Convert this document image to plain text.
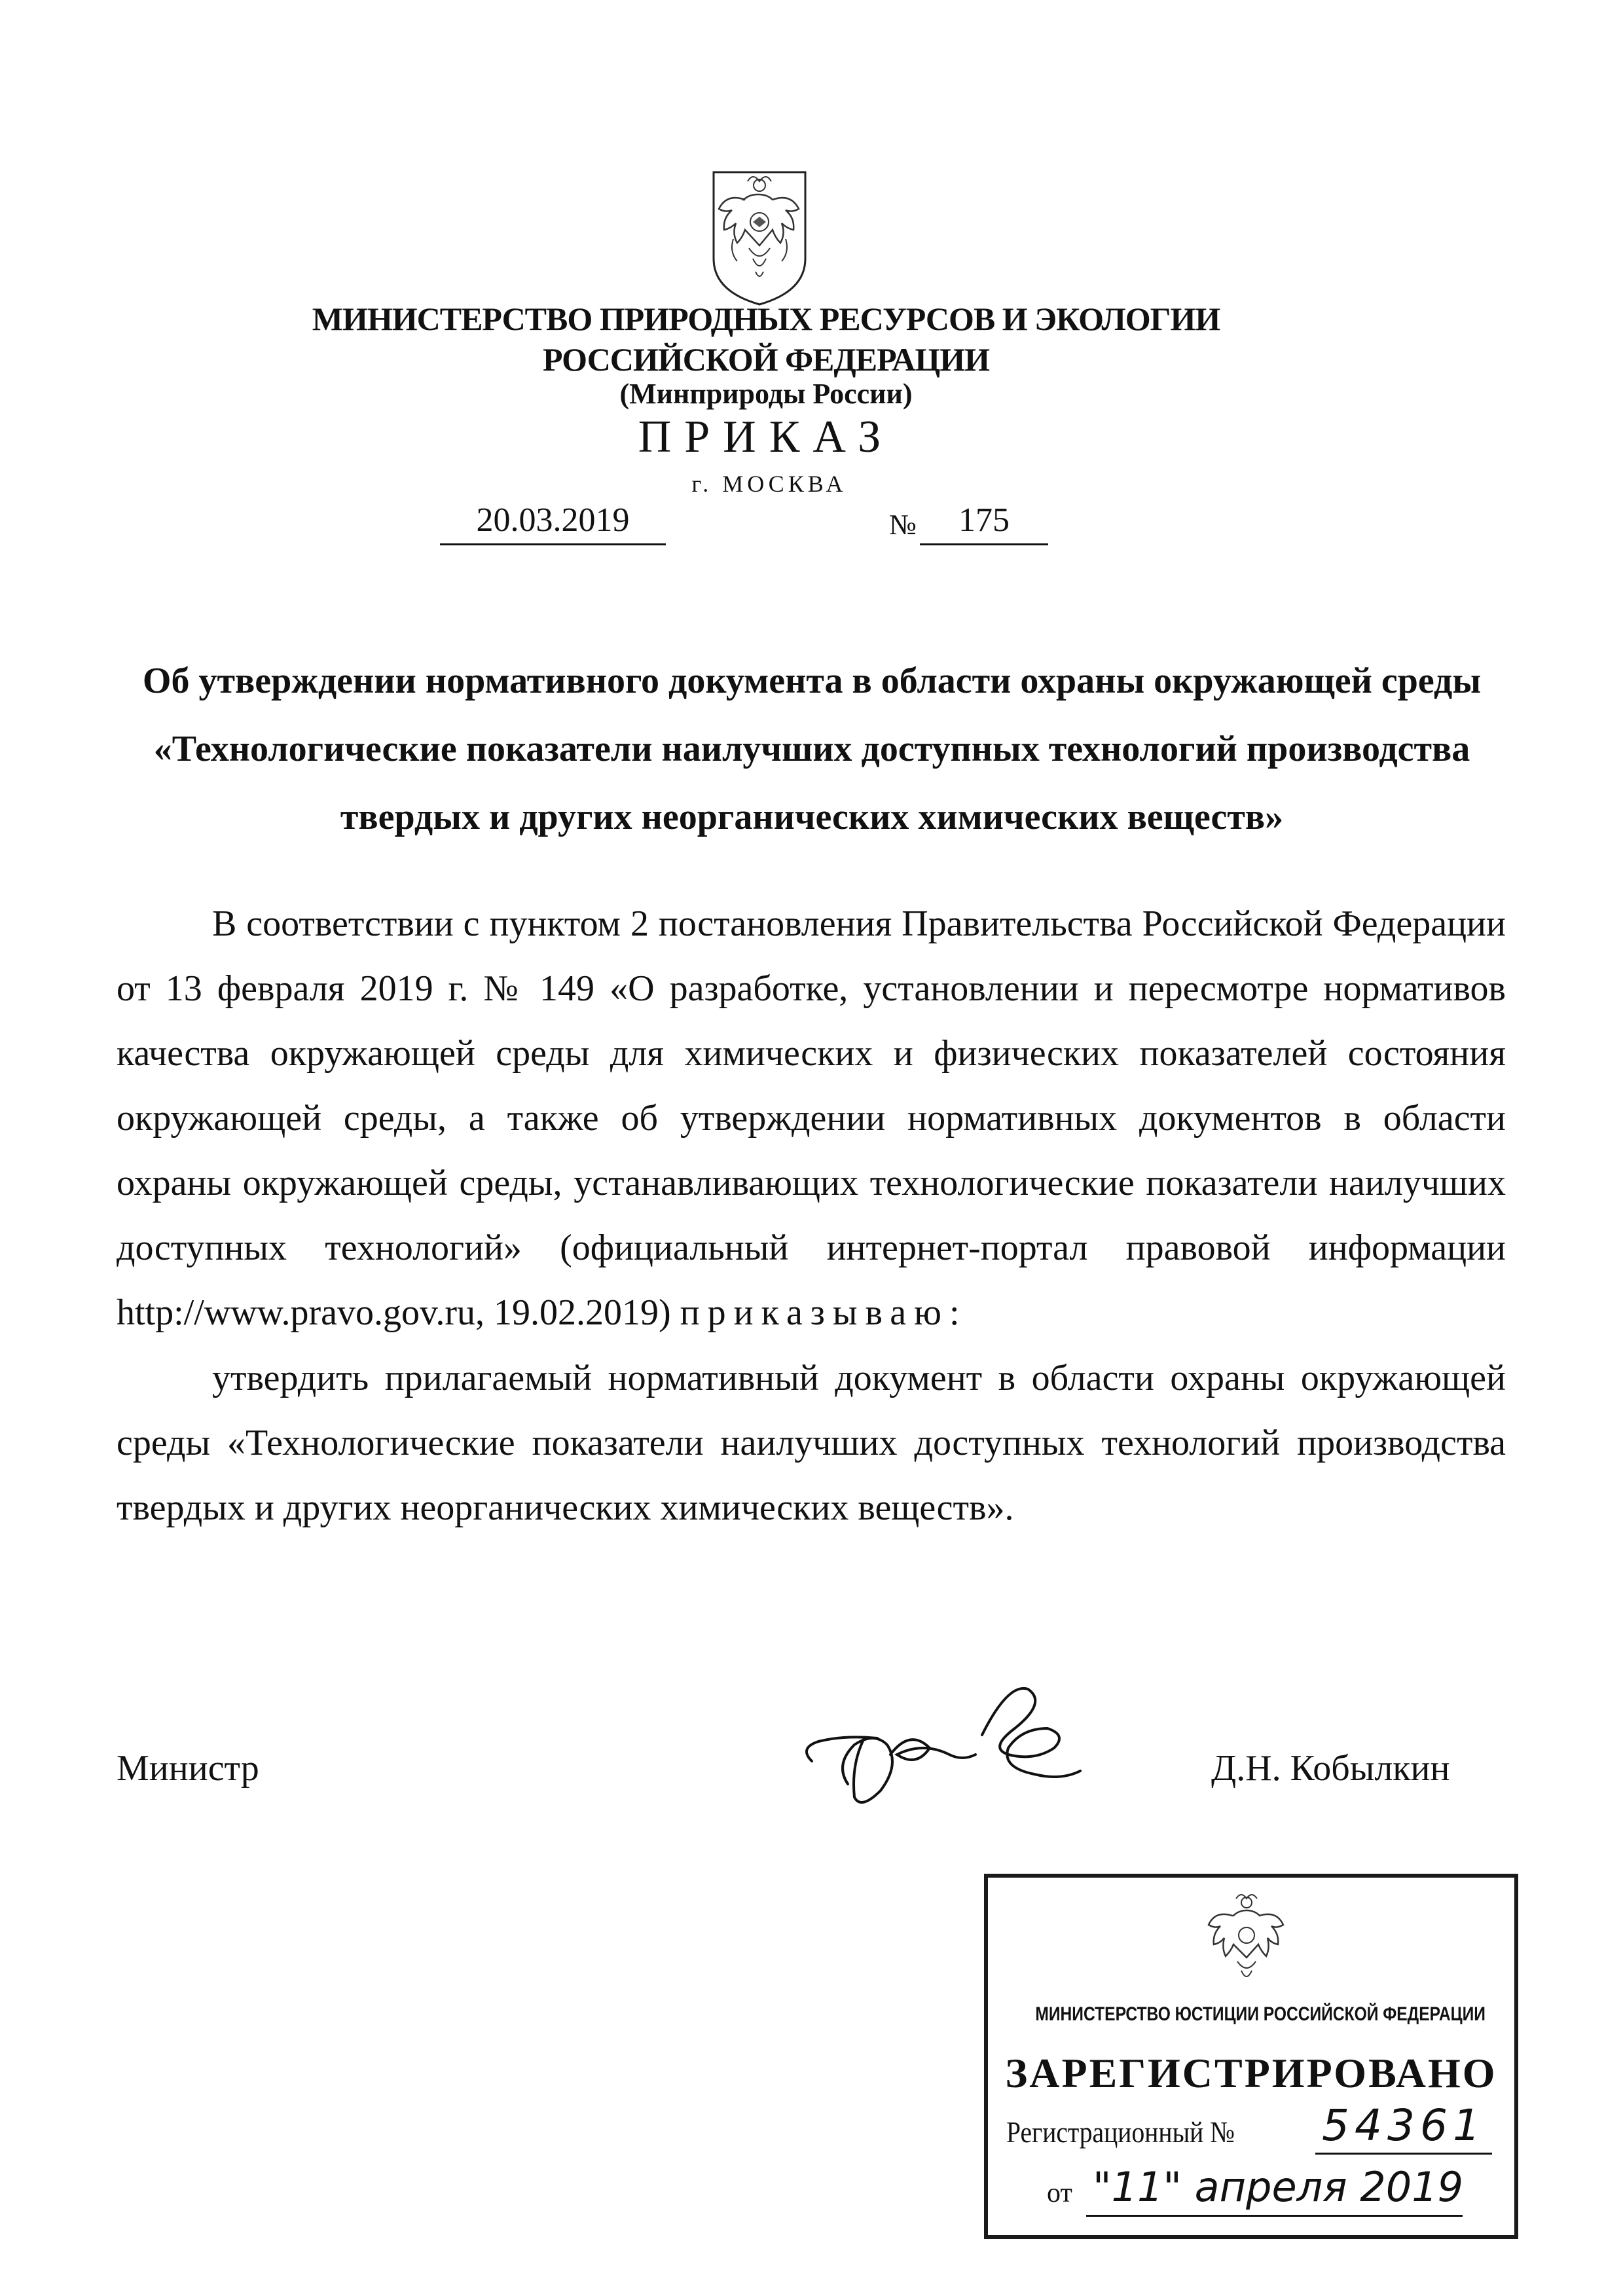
МИНИСТЕРСТВО ПРИРОДНЫХ РЕСУРСОВ И ЭКОЛОГИИ
РОССИЙСКОЙ ФЕДЕРАЦИИ
(Минприроды России)
ПРИКАЗ
г. МОСКВА
20.03.2019	№	175
Об утверждении нормативного документа в области охраны окружающей среды «Технологические показатели наилучших доступных технологий производства твердых и других неорганических химических веществ»
В соответствии с пунктом 2 постановления Правительства Российской Федерации от 13 февраля 2019 г. № 149 «О разработке, установлении и пересмотре нормативов качества окружающей среды для химических и физических показателей состояния окружающей среды, а также об утверждении нормативных документов в области охраны окружающей среды, устанавливающих технологические показатели наилучших доступных технологий» (официальный интернет-портал правовой информации http://www.pravo.gov.ru, 19.02.2019) приказываю:
утвердить прилагаемый нормативный документ в области охраны окружающей среды «Технологические показатели наилучших доступных технологий производства твердых и других неорганических химических веществ».
Министр	Д.Н. Кобылкин
МИНИСТЕРСТВО ЮСТИЦИИ РОССИЙСКОЙ ФЕДЕРАЦИИ
ЗАРЕГИСТРИРОВАНО
Регистрационный № 54361
от "11" апреля 2019
